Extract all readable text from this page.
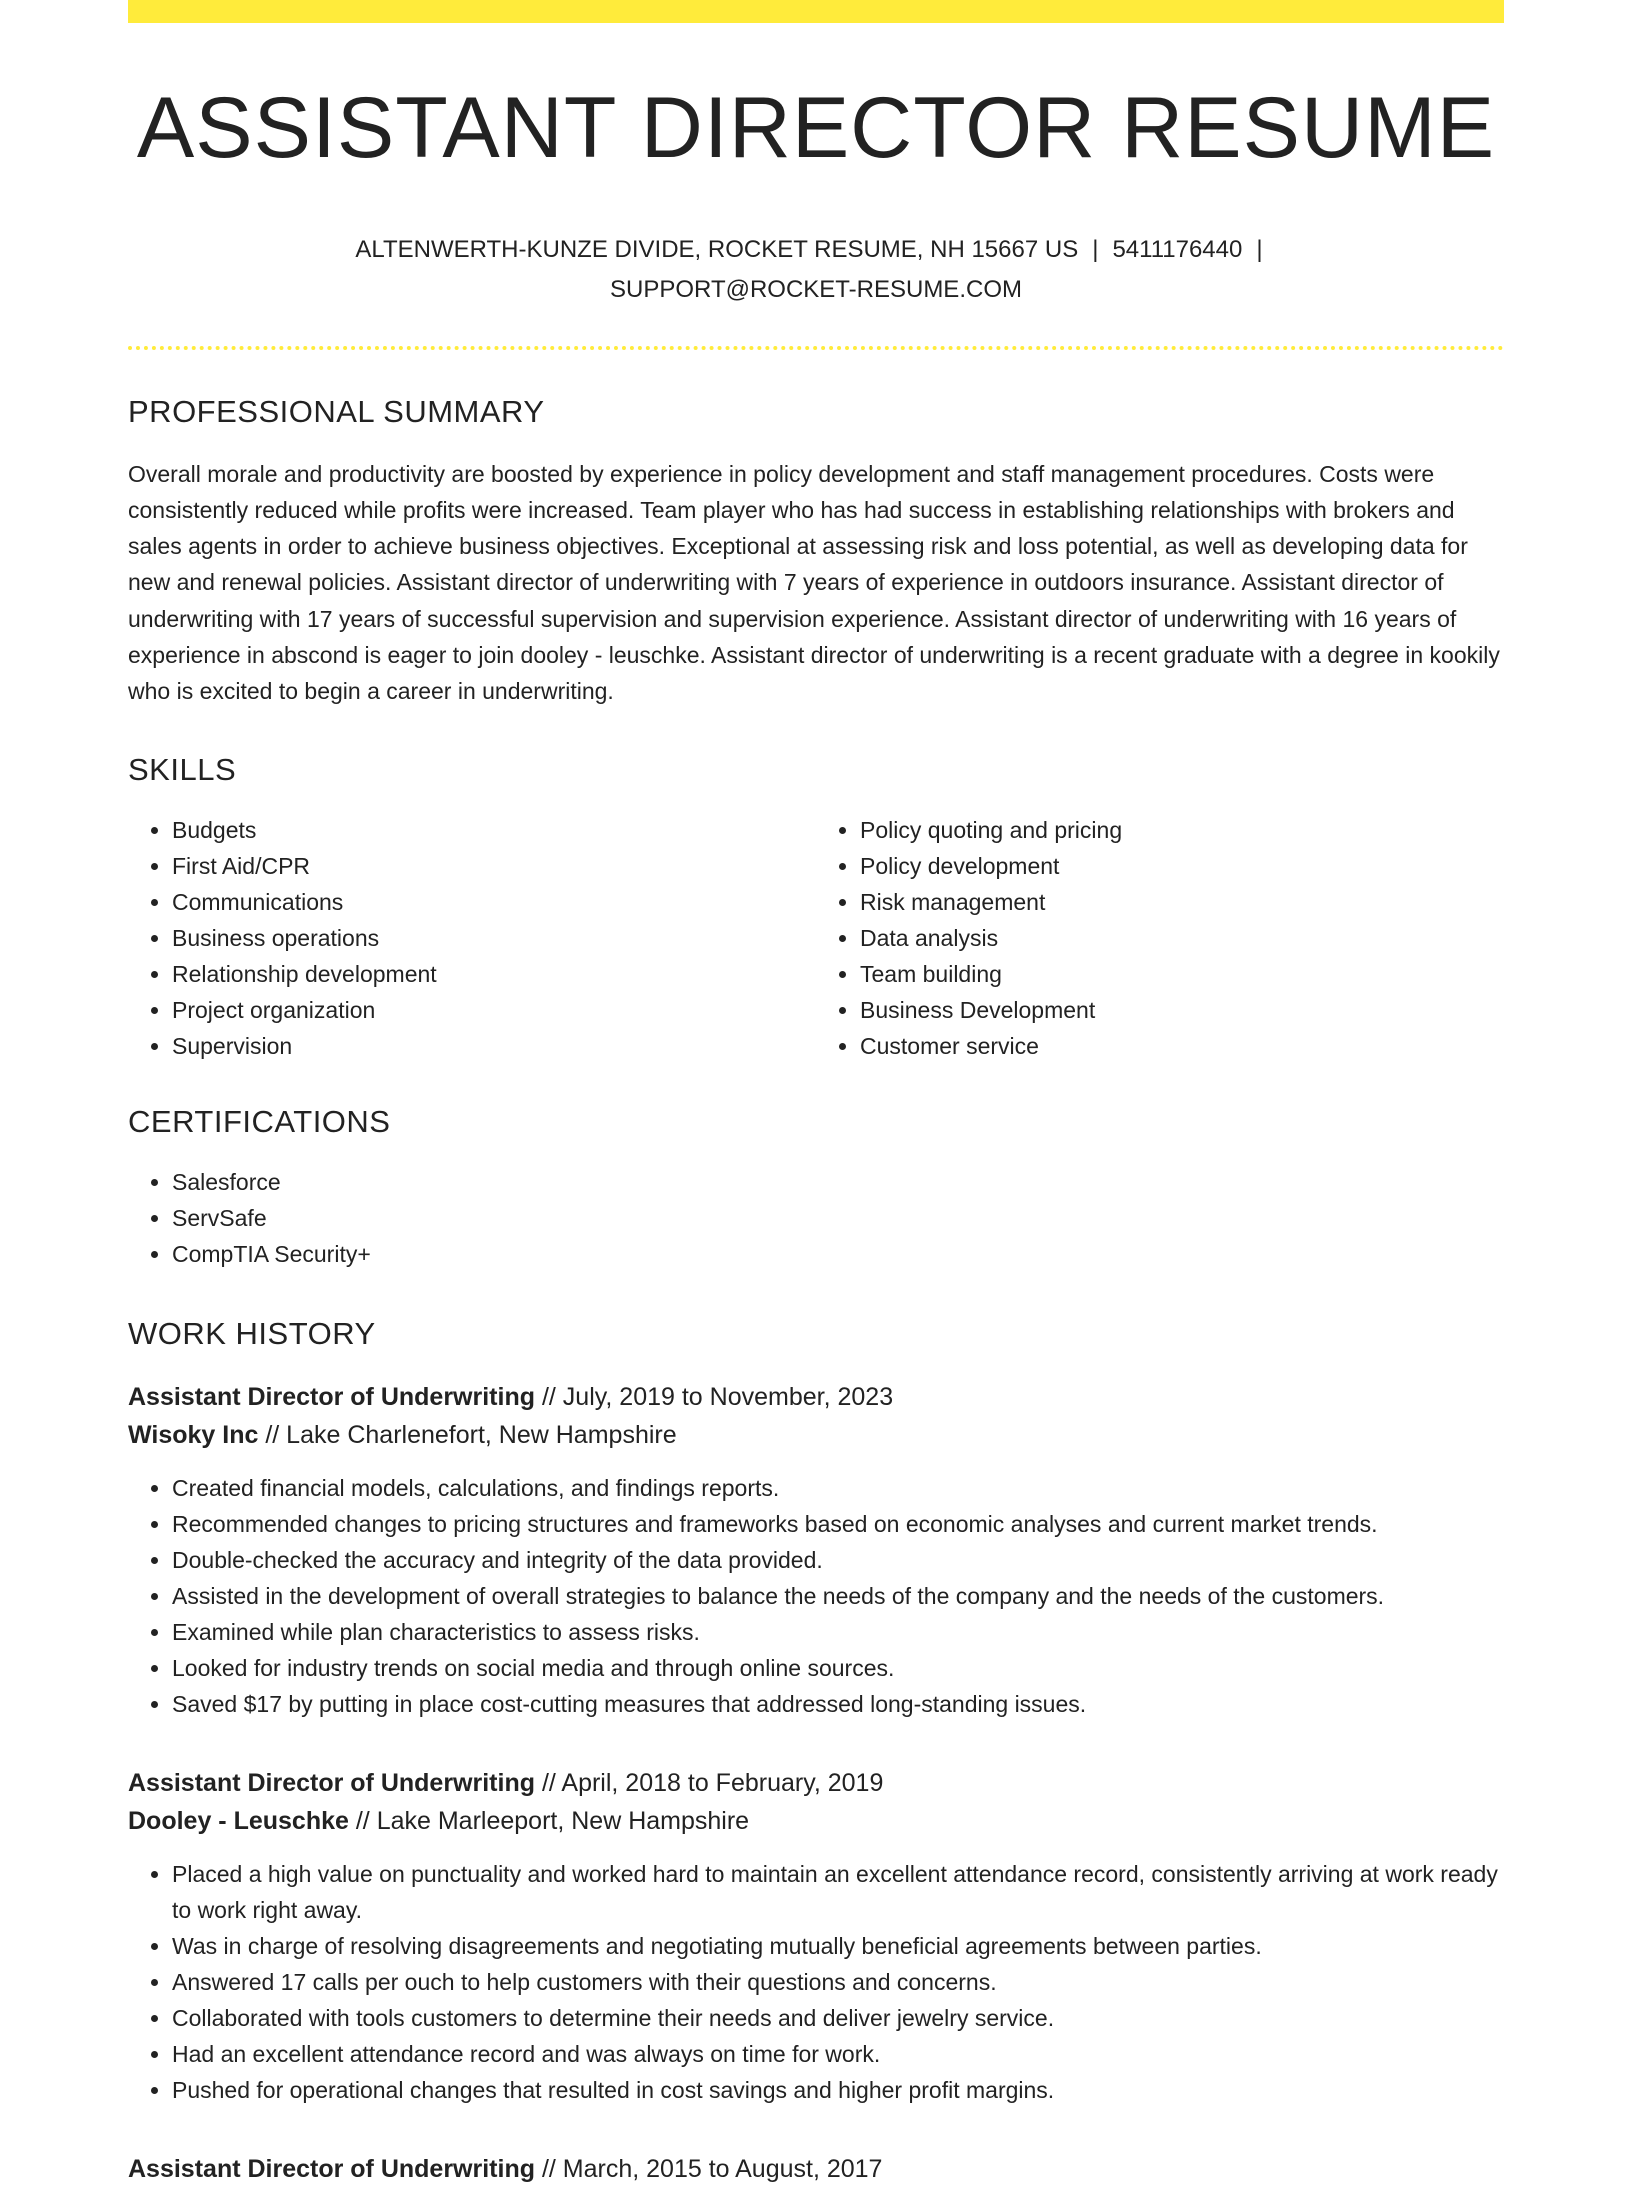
ASSISTANT DIRECTOR RESUME
ALTENWERTH-KUNZE DIVIDE, ROCKET RESUME, NH 15667 US | 5411176440 |
SUPPORT@ROCKET-RESUME.COM
PROFESSIONAL SUMMARY

Overall morale and productivity are boosted by experience in policy development and staff management procedures. Costs were consistently reduced while profits were increased. Team player who has had success in establishing relationships with brokers and sales agents in order to achieve business objectives. Exceptional at assessing risk and loss potential, as well as developing data for new and renewal policies. Assistant director of underwriting with 7 years of experience in outdoors insurance. Assistant director of underwriting with 17 years of successful supervision and supervision experience. Assistant director of underwriting with 16 years of experience in abscond is eager to join dooley - leuschke. Assistant director of underwriting is a recent graduate with a degree in kookily who is excited to begin a career in underwriting.

SKILLS
• Budgets
• First Aid/CPR
• Communications
• Business operations
• Relationship development
• Project organization
• Supervision
• Policy quoting and pricing
• Policy development
• Risk management
• Data analysis
• Team building
• Business Development
• Customer service
CERTIFICATIONS
• Salesforce
• ServSafe
• CompTIA Security+
WORK HISTORY
Assistant Director of Underwriting // July, 2019 to November, 2023
Wisoky Inc // Lake Charlenefort, New Hampshire
• Created financial models, calculations, and findings reports.
• Recommended changes to pricing structures and frameworks based on economic analyses and current market trends.
• Double-checked the accuracy and integrity of the data provided.
• Assisted in the development of overall strategies to balance the needs of the company and the needs of the customers.
• Examined while plan characteristics to assess risks.
• Looked for industry trends on social media and through online sources.
• Saved $17 by putting in place cost-cutting measures that addressed long-standing issues.
Assistant Director of Underwriting // April, 2018 to February, 2019
Dooley - Leuschke // Lake Marleeport, New Hampshire
• Placed a high value on punctuality and worked hard to maintain an excellent attendance record, consistently arriving at work ready to work right away.
• Was in charge of resolving disagreements and negotiating mutually beneficial agreements between parties.
• Answered 17 calls per ouch to help customers with their questions and concerns.
• Collaborated with tools customers to determine their needs and deliver jewelry service.
• Had an excellent attendance record and was always on time for work.
• Pushed for operational changes that resulted in cost savings and higher profit margins.
Assistant Director of Underwriting // March, 2015 to August, 2017
